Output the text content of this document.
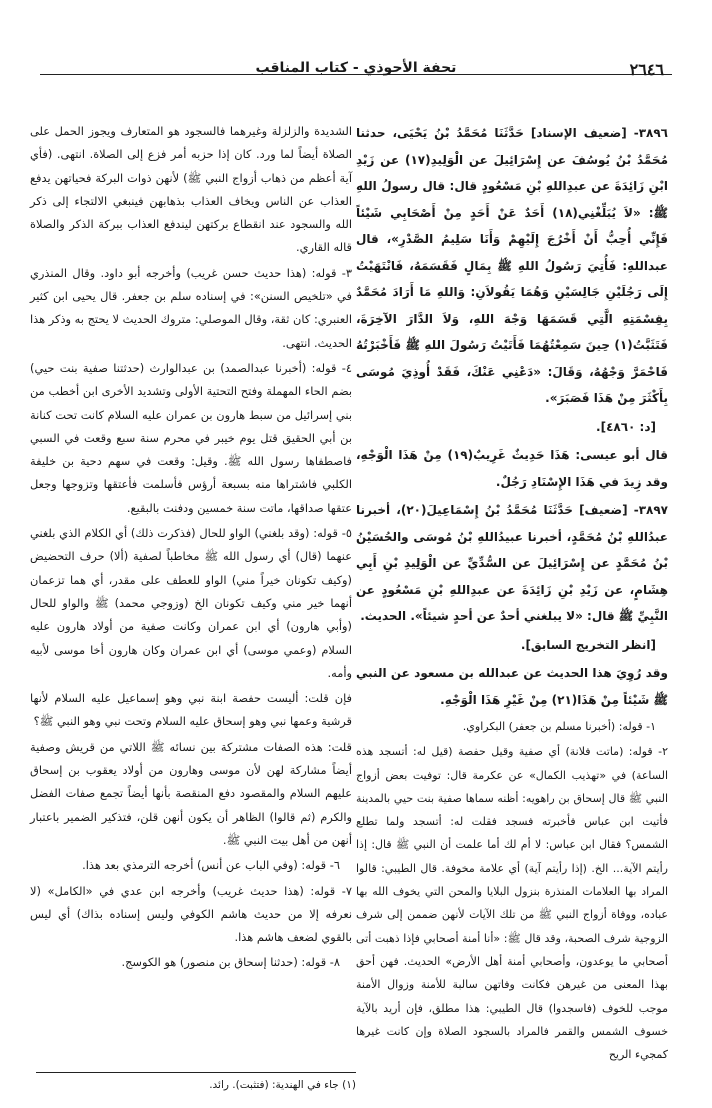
٢٦٤٦
تحفة الأحوذي - كتاب المناقب

٣٨٩٦- [ضعيف الإسناد] حَدَّثَنَا مُحَمَّدُ بْنُ يَحْيَى، حدثنا مُحَمَّدُ بْنُ يُوسُفَ عن إِسْرَائِيلَ عن الْوَلِيدِ(١٧) عن زَيْدِ ابْنِ زَائِدَةَ عن عبدِاللهِ بْنِ مَسْعُودٍ قال: قال رسولُ اللهِ ﷺ: «لاَ يُبَلِّغْنِي(١٨) أَحَدٌ عَنْ أَحَدٍ مِنْ أَصْحَابِي شَيْئاً فَإِنِّي أُحِبُّ أَنْ أَخْرُجَ إِلَيْهِمْ وَأَنَا سَلِيمُ الصَّدْرِ»، قال عبداللهِ: فَأُتِيَ رَسُولُ اللهِ ﷺ بِمَالٍ فَقَسَمَهُ، فَانْتَهَيْتُ إِلَى رَجُلَيْنِ جَالِسَيْنِ وَهُمَا يَقُولاَنِ: وَاللهِ مَا أَرَادَ مُحَمَّدٌ بِقِسْمَتِهِ الَّتِي قَسَمَهَا وَجْهَ اللهِ، وَلاَ الدَّارَ الآخِرَةَ، فَتَثَبَّتُ(١) حِينَ سَمِعْتُهُمَا فَأَتَيْتُ رَسُولَ اللهِ ﷺ فَأَخْبَرْتُهُ فَاحْمَرَّ وَجْهُهُ، وَقَالَ: «دَعْنِي عَنْكَ، فَقَدْ أُوذِيَ مُوسَى بِأَكْثَرَ مِنْ هَذَا فَصَبَرَ».

[د: ٤٨٦٠].

قال أبو عيسى: هَذَا حَدِيثٌ غَرِيبٌ(١٩) مِنْ هَذَا الْوَجْهِ، وقد زِيدَ في هَذَا الإِسْنَادِ رَجُلٌ.

٣٨٩٧- [ضعيف] حَدَّثَنَا مُحَمَّدُ بْنُ إِسْمَاعِيلَ(٢٠)، أخبرنا عبدُاللهِ بْنُ مُحَمَّدٍ، أخبرنا عبيدُاللهِ بْنُ مُوسَى والحُسَيْنُ بْنُ مُحَمَّدٍ عن إِسْرَائِيلَ عن السُّدِّيِّ عن الْوَلِيدِ بْنِ أَبِي هِشَامٍ، عن زَيْدِ بْنِ زَائِدَةَ عن عبدِاللهِ بْنِ مَسْعُودٍ عن النَّبِيِّ ﷺ قال: «لا يبلغني أحدٌ عن أحدٍ شيئاً». الحديث.

[انظر التخريج السابق].

وقد رُوِيَ هذا الحديث عن عبدالله بن مسعود عن النبي ﷺ شَيْئاً مِنْ هَذَا(٢١) مِنْ غَيْرِ هَذَا الْوَجْهِ.

١- قوله: (أخبرنا مسلم بن جعفر) البكراوي.

٢- قوله: (ماتت فلانة) أي صفية وقيل حفصة (قيل له: أتسجد هذه الساعة) في «تهذيب الكمال» عن عكرمة قال: توفيت بعض أزواج النبي ﷺ قال إسحاق بن راهويه: أظنه سماها صفية بنت حيي بالمدينة فأتيت ابن عباس فأخبرته فسجد فقلت له: أتسجد ولما تطلع الشمس؟ فقال ابن عباس: لا أم لك أما علمت أن النبي ﷺ قال: إذا رأيتم الآية... الخ. (إذا رأيتم آية) أي علامة مخوفة. قال الطيبي: قالوا المراد بها العلامات المنذرة بنزول البلايا والمحن التي يخوف الله بها عباده، ووفاة أزواج النبي ﷺ من تلك الآيات لأنهن ضممن إلى شرف الزوجية شرف الصحبة، وقد قال ﷺ: «أنا أمنة أصحابي فإذا ذهبت أتى أصحابي ما يوعدون، وأصحابي أمنة أهل الأرض» الحديث. فهن أحق بهذا المعنى من غيرهن فكانت وفاتهن سالبة للأمنة وزوال الأمنة موجب للخوف (فاسجدوا) قال الطيبي: هذا مطلق، فإن أريد بالآية خسوف الشمس والقمر فالمراد بالسجود الصلاة وإن كانت غيرها كمجيء الريح

الشديدة والزلزلة وغيرهما فالسجود هو المتعارف ويجوز الحمل على الصلاة أيضاً لما ورد. كان إذا حزبه أمر فزع إلى الصلاة. انتهى. (فأي آية أعظم من ذهاب أزواج النبي ﷺ) لأنهن ذوات البركة فحياتهن يدفع العذاب عن الناس ويخاف العذاب بذهابهن فينبغي الالتجاء إلى ذكر الله والسجود عند انقطاع بركتهن ليندفع العذاب ببركة الذكر والصلاة قاله القاري.

٣- قوله: (هذا حديث حسن غريب) وأخرجه أبو داود. وقال المنذري في «تلخيص السنن»: في إسناده سلم بن جعفر. قال يحيى ابن كثير العنبري: كان ثقة، وقال الموصلي: متروك الحديث لا يحتج به وذكر هذا الحديث. انتهى.

٤- قوله: (أخبرنا عبدالصمد) بن عبدالوارث (حدثتنا صفية بنت حيي) بضم الحاء المهملة وفتح التحتية الأولى وتشديد الأخرى ابن أخطب من بني إسرائيل من سبط هارون بن عمران عليه السلام كانت تحت كنانة بن أبي الحقيق قتل يوم خيبر في محرم سنة سبع وقعت في السبي فاصطفاها رسول الله ﷺ. وقيل: وقعت في سهم دحية بن خليفة الكلبي فاشتراها منه بسبعة أرؤس فأسلمت فأعتقها وتزوجها وجعل عتقها صداقها، ماتت سنة خمسين ودفنت بالبقيع.

٥- قوله: (وقد بلغني) الواو للحال (فذكرت ذلك) أي الكلام الذي بلغني عنهما (قال) أي رسول الله ﷺ مخاطباً لصفية (ألا) حرف التحضيض (وكيف تكونان خيراً مني) الواو للعطف على مقدر، أي هما تزعمان أنهما خير مني وكيف تكونان الخ (وزوجي محمد) ﷺ والواو للحال (وأبي هارون) أي ابن عمران وكانت صفية من أولاد هارون عليه السلام (وعمي موسى) أي ابن عمران وكان هارون أخا موسى لأبيه وأمه.

فإن قلت: أليست حفصة ابنة نبي وهو إسماعيل عليه السلام لأنها قرشية وعمها نبي وهو إسحاق عليه السلام وتحت نبي وهو النبي ﷺ؟

قلت: هذه الصفات مشتركة بين نسائه ﷺ اللاتي من قريش وصفية أيضاً مشاركة لهن لأن موسى وهارون من أولاد يعقوب بن إسحاق عليهم السلام والمقصود دفع المنقصة بأنها أيضاً تجمع صفات الفضل والكرم (ثم قالوا) الظاهر أن يكون أنهن قلن، فتذكير الضمير باعتبار أنهن من أهل بيت النبي ﷺ.

٦- قوله: (وفي الباب عن أنس) أخرجه الترمذي بعد هذا.

٧- قوله: (هذا حديث غريب) وأخرجه ابن عدي في «الكامل» (لا نعرفه إلا من حديث هاشم الكوفي وليس إسناده بذاك) أي ليس بالقوي لضعف هاشم هذا.

٨- قوله: (حدثنا إسحاق بن منصور) هو الكوسج.

(١) جاء في الهندية: (فتثبت). رائد.
